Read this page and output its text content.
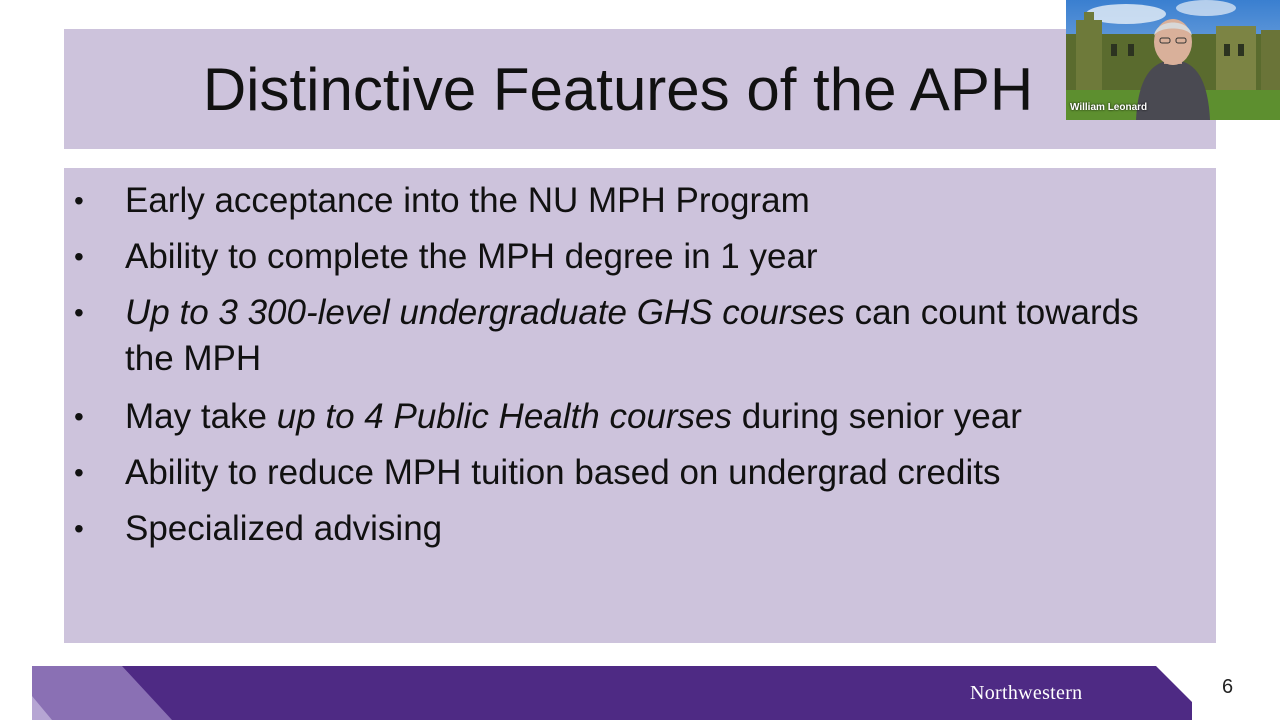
Distinctive Features of the APH
• Early acceptance into the NU MPH Program
• Ability to complete the MPH degree in 1 year
• Up to 3 300-level undergraduate GHS courses can count towards the MPH
• May take up to 4 Public Health courses during senior year
• Ability to reduce MPH tuition based on undergrad credits
• Specialized advising
Northwestern	6
William Leonard
